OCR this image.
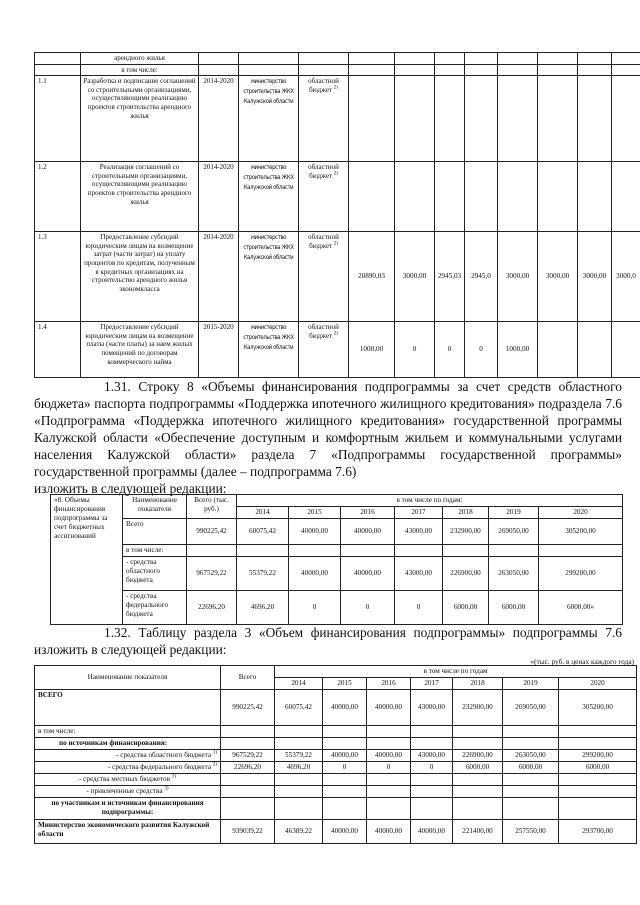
	арендного жилья											
	в том числе:											
1.1	Разработка и подписание соглашений со строительными организациями, осуществляющими реализацию проектов строительства арендного жилья	2014-2020	министерство строительства ЖКХ Калужской области	областной бюджет $^{2)}$								
1.2	Реализация соглашений со строительными организациями, осуществляющими реализацию проектов строительства арендного жилья	2014-2020	министерство строительства ЖКХ Калужской области	областной бюджет $^{2)}$								
1.3	Предоставление субсидий юридическим лицам на возмещение затрат (части затрат) на уплату процентов по кредитам, полученным в кредитных организациях на строительство арендного жилья экономкласса	2014-2020	министерство строительства ЖКХ Калужской области	областной бюджет $^{2)}$	20890,03	3000,00	2945,03	2945,0	3000,00	3000,00	3000,00	3000,0
1.4	Предоставление субсидий юридическим лицам на возмещение платы (части платы) за наем жилых помещений по договорам коммерческого найма	2015-2020	министерство строительства ЖКХ Калужской области	областной бюджет $^{2)}$	1000,00	0	0	0	1000,00			
1.31. Строку 8 «Объемы финансирования подпрограммы за счет средств областного бюджета» паспорта подпрограммы «Поддержка ипотечного жилищного кредитования» подраздела 7.6 «Подпрограмма «Поддержка ипотечного жилищного кредитования» государственной программы Калужской области «Обеспечение доступным и комфортным жильем и коммунальными услугами населения Калужской области» раздела 7 «Подпрограммы государственной программы» государственной программы (далее – подпрограмма 7.6)
изложить в следующей редакции:
«8. Объемы финансирования подпрограммы за счет бюджетных ассигнований	Наименование показателя	Всего (тыс. руб.)	в том числе по годам:						
			2014	2015	2016	2017	2018	2019	2020
	Всего	990225,42	60075,42	40000,00	40000,00	43000,00	232900,00	269050,00	305200,00
	в том числе:								
	- средства областного бюджета	967529,22	55379,22	40000,00	40000,00	43000,00	226900,00	263050,00	299200,00
	- средства федерального бюджета	22696,20	4696,20	0	0	0	6000,00	6000,00	6000,00»
1.32. Таблицу раздела 3 «Объем финансирования подпрограммы» подпрограммы 7.6 изложить в следующей редакции:
«(тыс. руб. в ценах каждого года)
Наименование показателя	Всего	в том числе по годам						
		2014	2015	2016	2017	2018	2019	2020
ВСЕГО	990225,42	60075,42	40000,00	40000,00	43000,00	232900,00	269050,00	305200,00
в том числе:								
по источникам финансирования:								
- средства областного бюджета $^{1)}$	967529,22	55379,22	40000,00	40000,00	43000,00	226900,00	263050,00	299200,00
- средства федерального бюджета $^{2)}$	22696,20	4696,20	0	0	0	6000,00	6000,00	6000,00
- средства местных бюджетов $^{3)}$								
- привлеченные средства $^{3)}$								
по участникам и источникам финансирования подпрограммы:								
Министерство экономического развития Калужской области	939039,22	46389,22	40000,00	40000,00	40000,00	221400,00	257550,00	293700,00
